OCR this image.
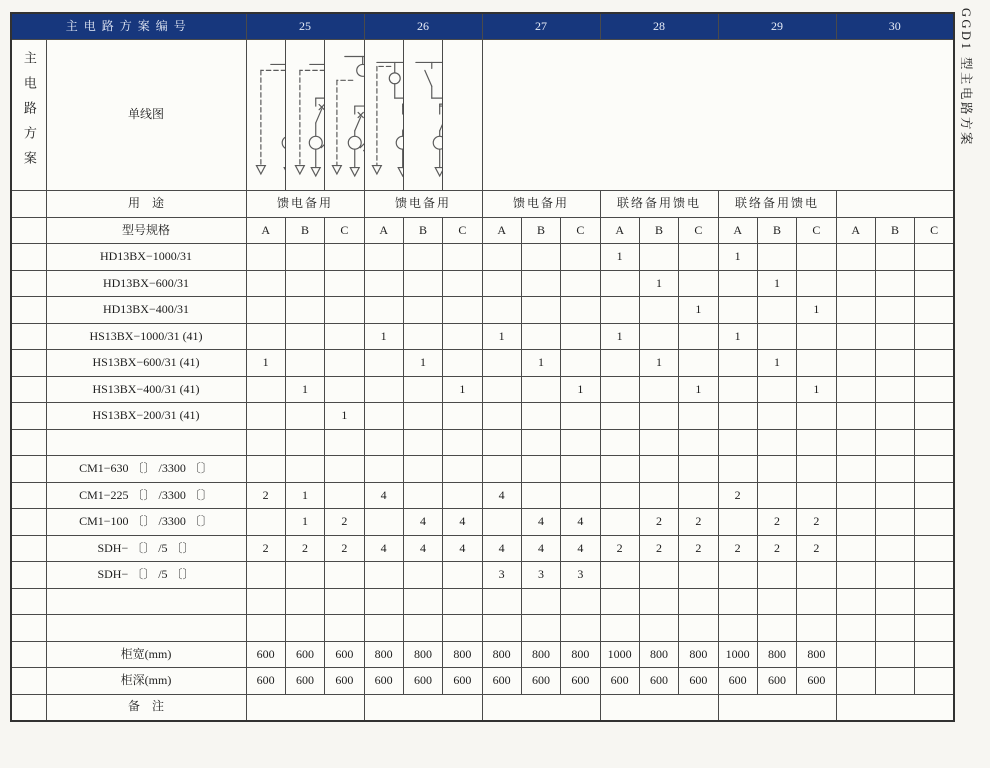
主电路方案编号		25			26			27			28			29			30		
主电路方案	单线图	

	用　途	馈电备用			馈电备用			馈电备用			联络备用馈电			联络备用馈电					
	型号规格	A	B	C	A	B	C	A	B	C	A	B	C	A	B	C	A	B	C
	HD13BX−1000/31										1			1					
	HD13BX−600/31											1			1				
	HD13BX−400/31												1			1			
	HS13BX−1000/31 (41)				1			1			1			1					
	HS13BX−600/31 (41)	1				1			1			1			1				
	HS13BX−400/31 (41)		1				1			1			1			1			
	HS13BX−200/31 (41)			1															

	CM1−630 〔〕 /3300 〔〕																		
	CM1−225 〔〕 /3300 〔〕	2	1		4			4						2					
	CM1−100 〔〕 /3300 〔〕		1	2		4	4		4	4		2	2		2	2			
	SDH− 〔〕 /5 〔〕	2	2	2	4	4	4	4	4	4	2	2	2	2	2	2			
	SDH− 〔〕 /5 〔〕							3	3	3									

	柜宽(mm)	600	600	600	800	800	800	800	800	800	1000	800	800	1000	800	800			
	柜深(mm)	600	600	600	600	600	600	600	600	600	600	600	600	600	600	600			
	备　注																		
GGD1 型主电路方案
